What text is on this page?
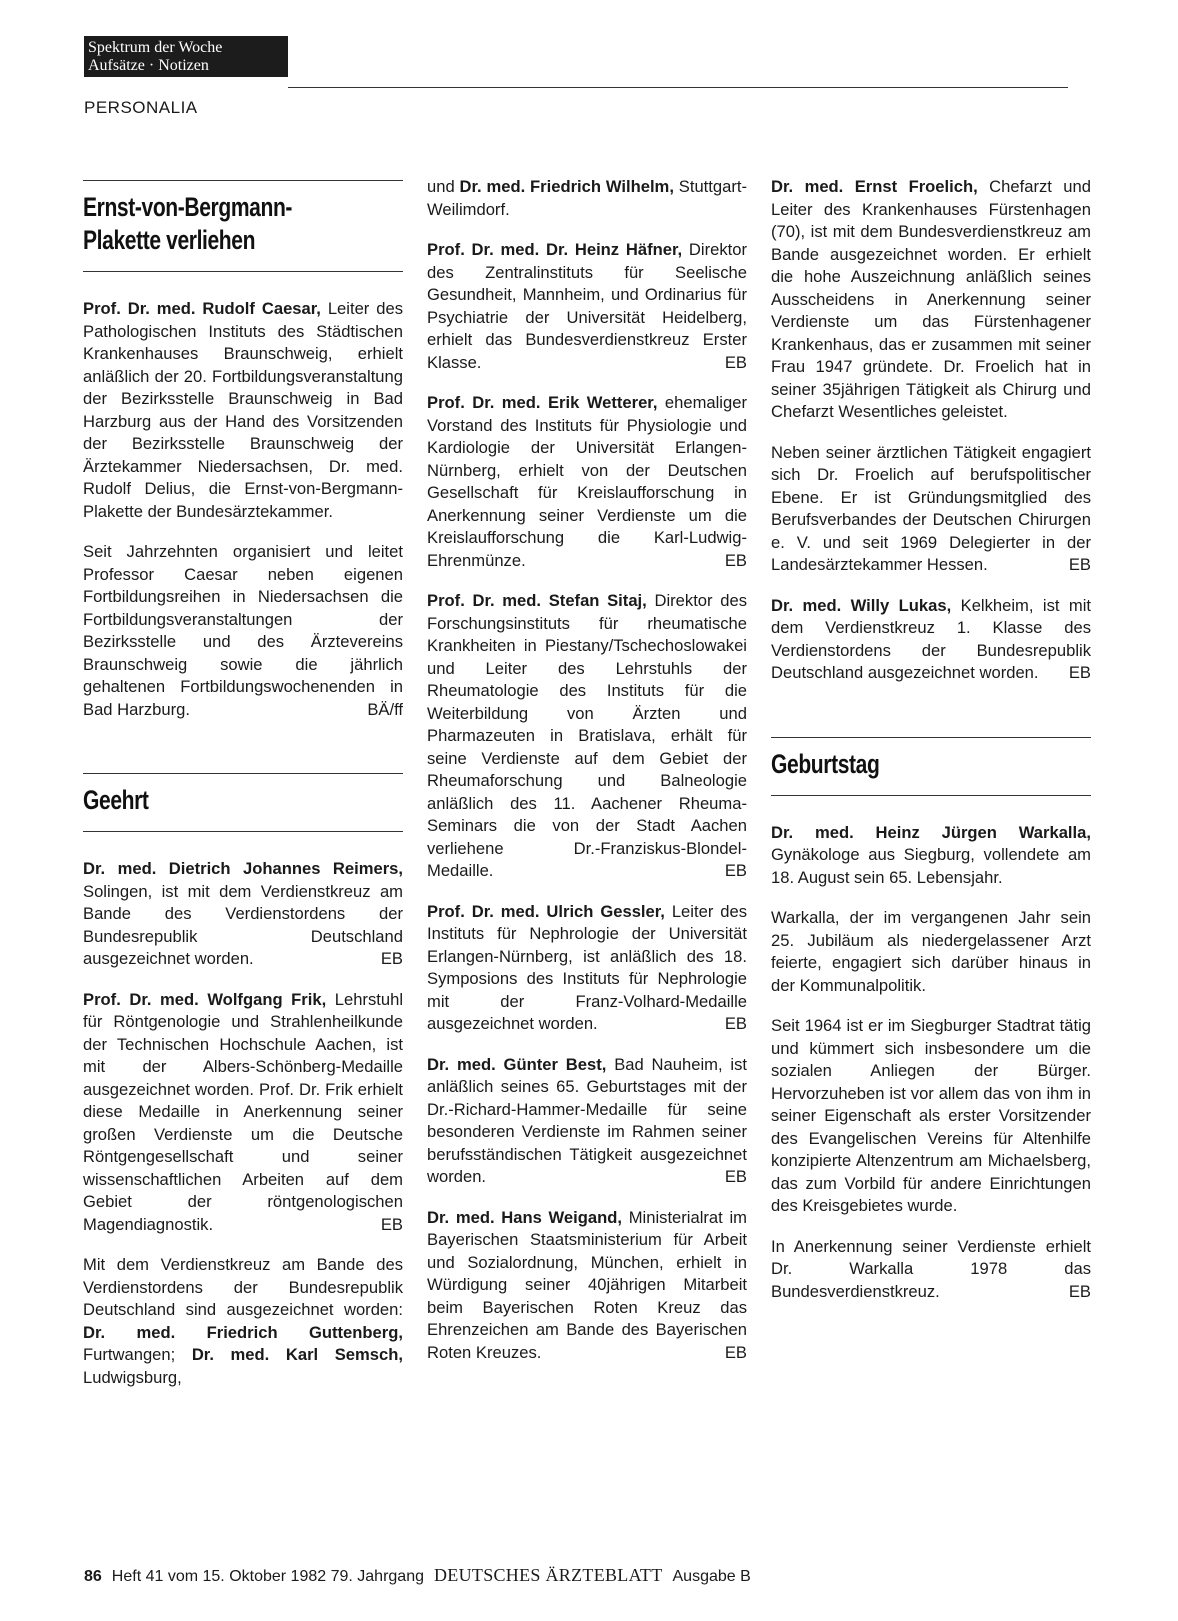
Spektrum der Woche
Aufsätze · Notizen
PERSONALIA
Ernst-von-Bergmann-
Plakette verliehen

Prof. Dr. med. Rudolf Caesar, Leiter des Pathologischen Instituts des Städtischen Krankenhauses Braunschweig, erhielt anläßlich der 20. Fortbildungsveranstaltung der Bezirksstelle Braunschweig in Bad Harzburg aus der Hand des Vorsitzenden der Bezirksstelle Braunschweig der Ärztekammer Niedersachsen, Dr. med. Rudolf Delius, die Ernst-von-Bergmann-Plakette der Bundesärztekammer.

Seit Jahrzehnten organisiert und leitet Professor Caesar neben eigenen Fortbildungsreihen in Niedersachsen die Fortbildungsveranstaltungen der Bezirksstelle und des Ärztevereins Braunschweig sowie die jährlich gehaltenen Fortbildungswochenenden in Bad Harzburg.	BÄ/ff

Geehrt

Dr. med. Dietrich Johannes Reimers, Solingen, ist mit dem Verdienstkreuz am Bande des Verdienstordens der Bundesrepublik Deutschland ausgezeichnet worden.	EB

Prof. Dr. med. Wolfgang Frik, Lehrstuhl für Röntgenologie und Strahlenheilkunde der Technischen Hochschule Aachen, ist mit der Albers-Schönberg-Medaille ausgezeichnet worden. Prof. Dr. Frik erhielt diese Medaille in Anerkennung seiner großen Verdienste um die Deutsche Röntgengesellschaft und seiner wissenschaftlichen Arbeiten auf dem Gebiet der röntgenologischen Magendiagnostik.	EB

Mit dem Verdienstkreuz am Bande des Verdienstordens der Bundesrepublik Deutschland sind ausgezeichnet worden: Dr. med. Friedrich Guttenberg, Furtwangen; Dr. med. Karl Semsch, Ludwigsburg,

und Dr. med. Friedrich Wilhelm, Stuttgart-Weilimdorf.

Prof. Dr. med. Dr. Heinz Häfner, Direktor des Zentralinstituts für Seelische Gesundheit, Mannheim, und Ordinarius für Psychiatrie der Universität Heidelberg, erhielt das Bundesverdienstkreuz Erster Klasse.	EB

Prof. Dr. med. Erik Wetterer, ehemaliger Vorstand des Instituts für Physiologie und Kardiologie der Universität Erlangen-Nürnberg, erhielt von der Deutschen Gesellschaft für Kreislaufforschung in Anerkennung seiner Verdienste um die Kreislaufforschung die Karl-Ludwig-Ehrenmünze.	EB

Prof. Dr. med. Stefan Sitaj, Direktor des Forschungsinstituts für rheumatische Krankheiten in Piestany/Tschechoslowakei und Leiter des Lehrstuhls der Rheumatologie des Instituts für die Weiterbildung von Ärzten und Pharmazeuten in Bratislava, erhält für seine Verdienste auf dem Gebiet der Rheumaforschung und Balneologie anläßlich des 11. Aachener Rheuma-Seminars die von der Stadt Aachen verliehene Dr.-Franziskus-Blondel-Medaille.	EB

Prof. Dr. med. Ulrich Gessler, Leiter des Instituts für Nephrologie der Universität Erlangen-Nürnberg, ist anläßlich des 18. Symposions des Instituts für Nephrologie mit der Franz-Volhard-Medaille ausgezeichnet worden.	EB

Dr. med. Günter Best, Bad Nauheim, ist anläßlich seines 65. Geburtstages mit der Dr.-Richard-Hammer-Medaille für seine besonderen Verdienste im Rahmen seiner berufsständischen Tätigkeit ausgezeichnet worden.	EB

Dr. med. Hans Weigand, Ministerialrat im Bayerischen Staatsministerium für Arbeit und Sozialordnung, München, erhielt in Würdigung seiner 40jährigen Mitarbeit beim Bayerischen Roten Kreuz das Ehrenzeichen am Bande des Bayerischen Roten Kreuzes.	EB

Dr. med. Ernst Froelich, Chefarzt und Leiter des Krankenhauses Fürstenhagen (70), ist mit dem Bundesverdienstkreuz am Bande ausgezeichnet worden. Er erhielt die hohe Auszeichnung anläßlich seines Ausscheidens in Anerkennung seiner Verdienste um das Fürstenhagener Krankenhaus, das er zusammen mit seiner Frau 1947 gründete. Dr. Froelich hat in seiner 35jährigen Tätigkeit als Chirurg und Chefarzt Wesentliches geleistet.

Neben seiner ärztlichen Tätigkeit engagiert sich Dr. Froelich auf berufspolitischer Ebene. Er ist Gründungsmitglied des Berufsverbandes der Deutschen Chirurgen e. V. und seit 1969 Delegierter in der Landesärztekammer Hessen.	EB

Dr. med. Willy Lukas, Kelkheim, ist mit dem Verdienstkreuz 1. Klasse des Verdienstordens der Bundesrepublik Deutschland ausgezeichnet worden. EB

Geburtstag

Dr. med. Heinz Jürgen Warkalla, Gynäkologe aus Siegburg, vollendete am 18. August sein 65. Lebensjahr.

Warkalla, der im vergangenen Jahr sein 25. Jubiläum als niedergelassener Arzt feierte, engagiert sich darüber hinaus in der Kommunalpolitik.

Seit 1964 ist er im Siegburger Stadtrat tätig und kümmert sich insbesondere um die sozialen Anliegen der Bürger. Hervorzuheben ist vor allem das von ihm in seiner Eigenschaft als erster Vorsitzender des Evangelischen Vereins für Altenhilfe konzipierte Altenzentrum am Michaelsberg, das zum Vorbild für andere Einrichtungen des Kreisgebietes wurde.

In Anerkennung seiner Verdienste erhielt Dr. Warkalla 1978 das Bundesverdienstkreuz.	EB

86 Heft 41 vom 15. Oktober 1982 79. Jahrgang DEUTSCHES ÄRZTEBLATT Ausgabe B
